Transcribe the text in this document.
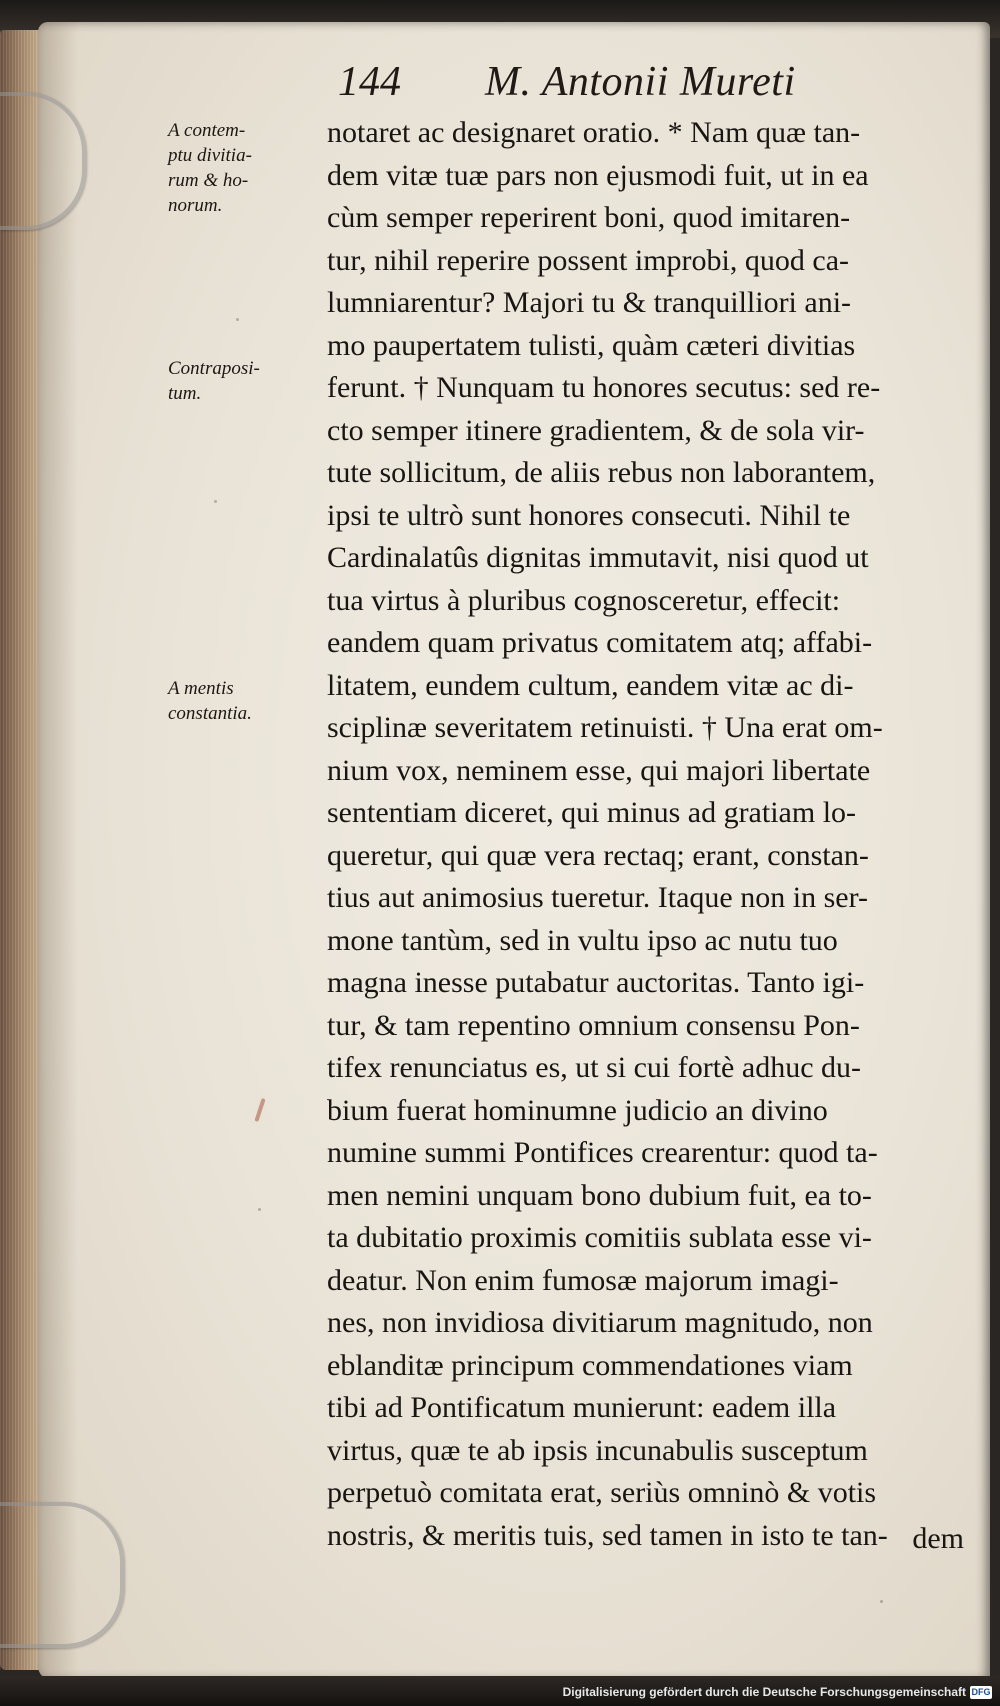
144 M. Antonii Mureti
A contem-
ptu divitia-
rum & ho-
norum.
Contraposi-
tum.
A mentis
constantia.
notaret ac designaret oratio. * Nam quæ tan-
dem vitæ tuæ pars non ejusmodi fuit, ut in ea
cùm semper reperirent boni, quod imitaren-
tur, nihil reperire possent improbi, quod ca-
lumniarentur? Majori tu & tranquilliori ani-
mo paupertatem tulisti, quàm cæteri divitias
ferunt. † Nunquam tu honores secutus: sed re-
cto semper itinere gradientem, & de sola vir-
tute sollicitum, de aliis rebus non laborantem,
ipsi te ultrò sunt honores consecuti. Nihil te
Cardinalatûs dignitas immutavit, nisi quod ut
tua virtus à pluribus cognosceretur, effecit:
eandem quam privatus comitatem atq; affabi-
litatem, eundem cultum, eandem vitæ ac di-
sciplinæ severitatem retinuisti. † Una erat om-
nium vox, neminem esse, qui majori libertate
sententiam diceret, qui minus ad gratiam lo-
queretur, qui quæ vera rectaq; erant, constan-
tius aut animosius tueretur. Itaque non in ser-
mone tantùm, sed in vultu ipso ac nutu tuo
magna inesse putabatur auctoritas. Tanto igi-
tur, & tam repentino omnium consensu Pon-
tifex renunciatus es, ut si cui fortè adhuc du-
bium fuerat hominumne judicio an divino
numine summi Pontifices crearentur: quod ta-
men nemini unquam bono dubium fuit, ea to-
ta dubitatio proximis comitiis sublata esse vi-
deatur. Non enim fumosæ majorum imagi-
nes, non invidiosa divitiarum magnitudo, non
eblanditæ principum commendationes viam
tibi ad Pontificatum munierunt: eadem illa
virtus, quæ te ab ipsis incunabulis susceptum
perpetuò comitata erat, seriùs omninò & votis
nostris, & meritis tuis, sed tamen in isto te tan- dem
Digitalisierung gefördert durch die Deutsche Forschungsgemeinschaft DFG
